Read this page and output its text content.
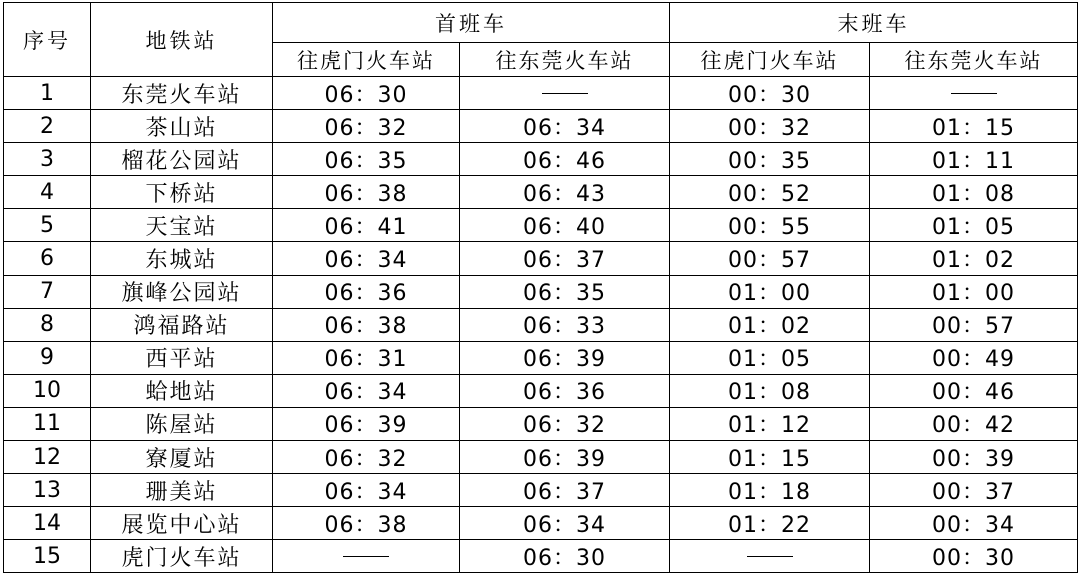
序号	地铁站	首班车		末班车	
		往虎门火车站	往东莞火车站	往虎门火车站	往东莞火车站
1	东莞火车站	06：30		00：30	
2	茶山站	06：32	06：34	00：32	01：15
3	榴花公园站	06：35	06：46	00：35	01：11
4	下桥站	06：38	06：43	00：52	01：08
5	天宝站	06：41	06：40	00：55	01：05
6	东城站	06：34	06：37	00：57	01：02
7	旗峰公园站	06：36	06：35	01：00	01：00
8	鸿福路站	06：38	06：33	01：02	00：57
9	西平站	06：31	06：39	01：05	00：49
10	蛤地站	06：34	06：36	01：08	00：46
11	陈屋站	06：39	06：32	01：12	00：42
12	寮厦站	06：32	06：39	01：15	00：39
13	珊美站	06：34	06：37	01：18	00：37
14	展览中心站	06：38	06：34	01：22	00：34
15	虎门火车站		06：30		00：30
